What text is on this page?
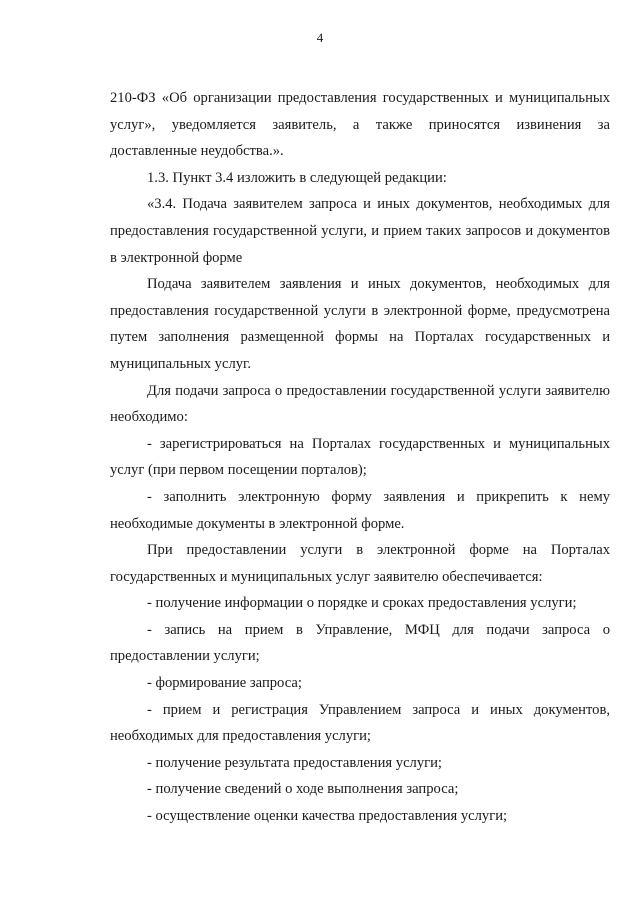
4

210-ФЗ «Об организации предоставления государственных и муниципальных услуг», уведомляется заявитель, а также приносятся извинения за доставленные неудобства.».

1.3. Пункт 3.4 изложить в следующей редакции:

«3.4. Подача заявителем запроса и иных документов, необходимых для предоставления государственной услуги, и прием таких запросов и документов в электронной форме

Подача заявителем заявления и иных документов, необходимых для предоставления государственной услуги в электронной форме, предусмотрена путем заполнения размещенной формы на Порталах государственных и муниципальных услуг.

Для подачи запроса о предоставлении государственной услуги заявителю необходимо:

- зарегистрироваться на Порталах государственных и муниципальных услуг (при первом посещении порталов);

- заполнить электронную форму заявления и прикрепить к нему необходимые документы в электронной форме.

При предоставлении услуги в электронной форме на Порталах государственных и муниципальных услуг заявителю обеспечивается:

- получение информации о порядке и сроках предоставления услуги;

- запись на прием в Управление, МФЦ для подачи запроса о предоставлении услуги;

- формирование запроса;

- прием и регистрация Управлением запроса и иных документов, необходимых для предоставления услуги;

- получение результата предоставления услуги;

- получение сведений о ходе выполнения запроса;

- осуществление оценки качества предоставления услуги;
